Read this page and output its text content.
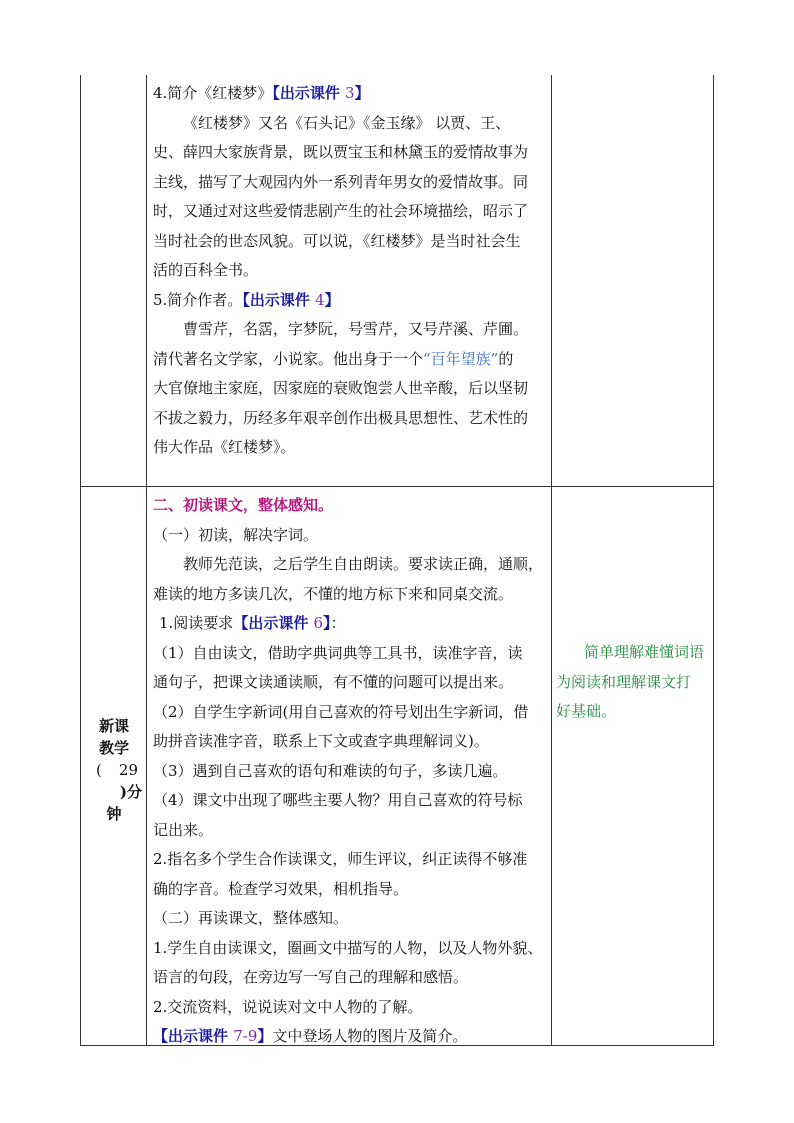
4.简介《红楼梦》【出示课件 3】

《红楼梦》又名《石头记》《金玉缘》 以贾、王、

史、薛四大家族背景，既以贾宝玉和林黛玉的爱情故事为

主线，描写了大观园内外一系列青年男女的爱情故事。同

时，又通过对这些爱情悲剧产生的社会环境描绘，昭示了

当时社会的世态风貌。可以说，《红楼梦》是当时社会生

活的百科全书。

5.简介作者。【出示课件 4】

曹雪芹，名霑，字梦阮，号雪芹，又号芹溪、芹圃。

清代著名文学家，小说家。他出身于一个“百年望族”的

大官僚地主家庭，因家庭的衰败饱尝人世辛酸，后以坚韧

不拔之毅力，历经多年艰辛创作出极具思想性、艺术性的

伟大作品《红楼梦》。

新课
教学
( 29
)分
钟

二、初读课文，整体感知。

（一）初读，解决字词。

教师先范读，之后学生自由朗读。要求读正确，通顺，

难读的地方多读几次，不懂的地方标下来和同桌交流。

1.阅读要求【出示课件 6】：

（1）自由读文，借助字典词典等工具书，读准字音，读

通句子，把课文读通读顺，有不懂的问题可以提出来。

（2）自学生字新词(用自己喜欢的符号划出生字新词，借

助拼音读准字音，联系上下文或查字典理解词义)。

（3）遇到自己喜欢的语句和难读的句子，多读几遍。

（4）课文中出现了哪些主要人物？用自己喜欢的符号标

记出来。

2.指名多个学生合作读课文，师生评议，纠正读得不够准

确的字音。检查学习效果，相机指导。

（二）再读课文，整体感知。

1.学生自由读课文，圈画文中描写的人物，以及人物外貌、

语言的句段，在旁边写一写自己的理解和感悟。

2.交流资料，说说读对文中人物的了解。

【出示课件 7-9】文中登场人物的图片及简介。

简单理解难懂词语

为阅读和理解课文打

好基础。
